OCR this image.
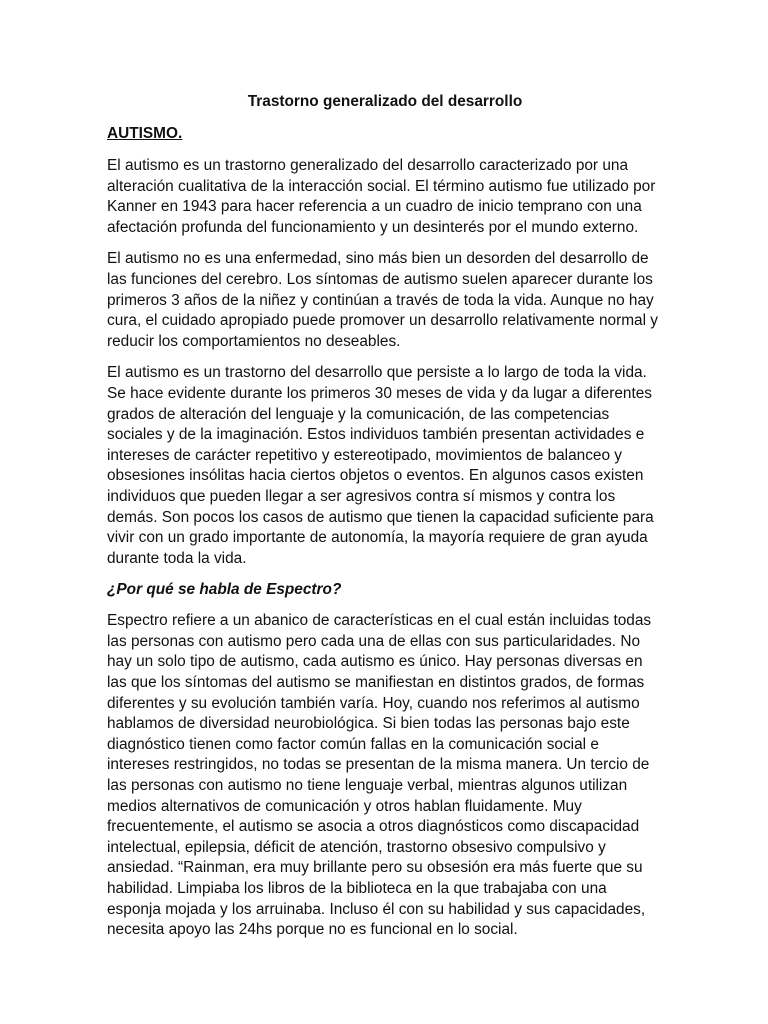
Trastorno generalizado del desarrollo
AUTISMO.

El autismo es un trastorno generalizado del desarrollo caracterizado por una alteración cualitativa de la interacción social. El término autismo fue utilizado por Kanner en 1943 para hacer referencia a un cuadro de inicio temprano con una afectación profunda del funcionamiento y un desinterés por el mundo externo.

El autismo no es una enfermedad, sino más bien un desorden del desarrollo de las funciones del cerebro. Los síntomas de autismo suelen aparecer durante los primeros 3 años de la niñez y continúan a través de toda la vida. Aunque no hay cura, el cuidado apropiado puede promover un desarrollo relativamente normal y reducir los comportamientos no deseables.

El autismo es un trastorno del desarrollo que persiste a lo largo de toda la vida. Se hace evidente durante los primeros 30 meses de vida y da lugar a diferentes grados de alteración del lenguaje y la comunicación, de las competencias sociales y de la imaginación. Estos individuos también presentan actividades e intereses de carácter repetitivo y estereotipado, movimientos de balanceo y obsesiones insólitas hacia ciertos objetos o eventos. En algunos casos existen individuos que pueden llegar a ser agresivos contra sí mismos y contra los demás. Son pocos los casos de autismo que tienen la capacidad suficiente para vivir con un grado importante de autonomía, la mayoría requiere de gran ayuda durante toda la vida.

¿Por qué se habla de Espectro?

Espectro refiere a un abanico de características en el cual están incluidas todas las personas con autismo pero cada una de ellas con sus particularidades. No hay un solo tipo de autismo, cada autismo es único. Hay personas diversas en las que los síntomas del autismo se manifiestan en distintos grados, de formas diferentes y su evolución también varía. Hoy, cuando nos referimos al autismo hablamos de diversidad neurobiológica. Si bien todas las personas bajo este diagnóstico tienen como factor común fallas en la comunicación social e intereses restringidos, no todas se presentan de la misma manera. Un tercio de las personas con autismo no tiene lenguaje verbal, mientras algunos utilizan medios alternativos de comunicación y otros hablan fluidamente. Muy frecuentemente, el autismo se asocia a otros diagnósticos como discapacidad intelectual, epilepsia, déficit de atención, trastorno obsesivo compulsivo y ansiedad. “Rainman, era muy brillante pero su obsesión era más fuerte que su habilidad. Limpiaba los libros de la biblioteca en la que trabajaba con una esponja mojada y los arruinaba. Incluso él con su habilidad y sus capacidades, necesita apoyo las 24hs porque no es funcional en lo social.
